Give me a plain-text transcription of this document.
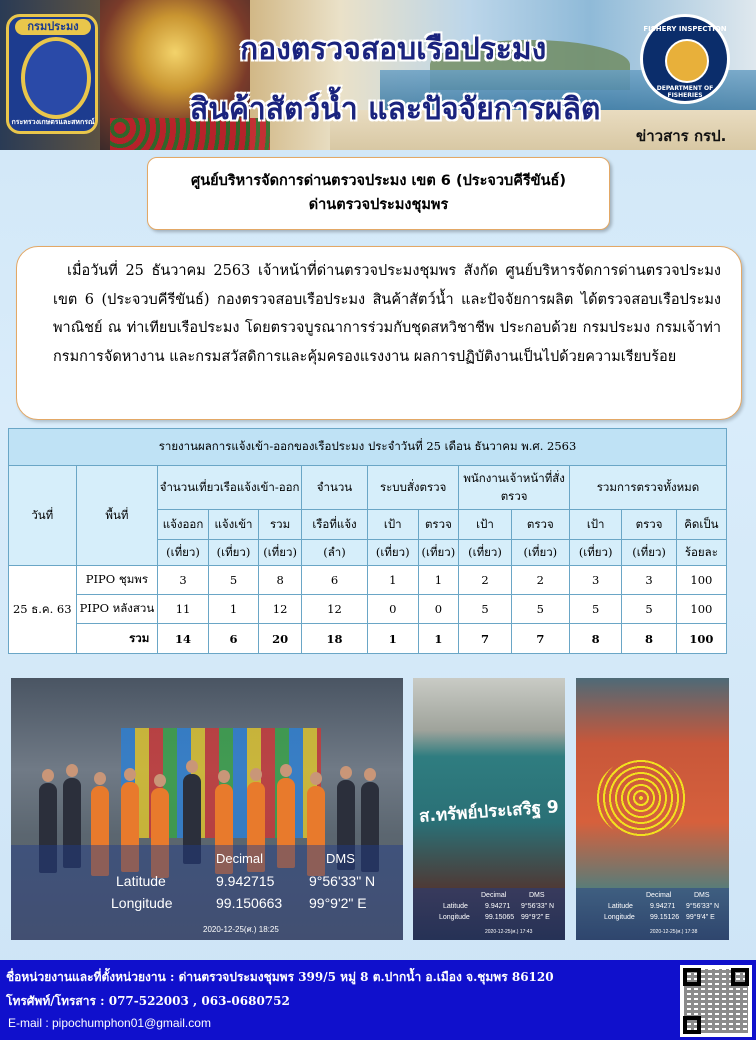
กรมประมง
กระทรวงเกษตรและสหกรณ์
กองตรวจสอบเรือประมง
สินค้าสัตว์น้ำ และปัจจัยการผลิต
FISHERY INSPECTION
DEPARTMENT OF FISHERIES
ข่าวสาร กรป.
ศูนย์บริหารจัดการด่านตรวจประมง เขต 6 (ประจวบคีรีขันธ์)
ด่านตรวจประมงชุมพร

เมื่อวันที่ 25 ธันวาคม 2563 เจ้าหน้าที่ด่านตรวจประมงชุมพร สังกัด ศูนย์บริหารจัดการด่านตรวจประมง เขต 6 (ประจวบคีรีขันธ์) กองตรวจสอบเรือประมง สินค้าสัตว์น้ำ และปัจจัยการผลิต ได้ตรวจสอบเรือประมงพาณิชย์ ณ ท่าเทียบเรือประมง โดยตรวจบูรณาการร่วมกับชุดสหวิชาชีพ ประกอบด้วย กรมประมง กรมเจ้าท่า กรมการจัดหางาน และกรมสวัสดิการและคุ้มครองแรงงาน ผลการปฏิบัติงานเป็นไปด้วยความเรียบร้อย

รายงานผลการแจ้งเข้า-ออกของเรือประมง ประจำวันที่ 25 เดือน ธันวาคม พ.ศ. 2563												
วันที่	พื้นที่	จำนวนเที่ยวเรือแจ้งเข้า-ออก			จำนวน	ระบบสั่งตรวจ		พนักงานเจ้าหน้าที่สั่งตรวจ		รวมการตรวจทั้งหมด		
		แจ้งออก	แจ้งเข้า	รวม	เรือที่แจ้ง	เป้า	ตรวจ	เป้า	ตรวจ	เป้า	ตรวจ	คิดเป็น
		(เที่ยว)	(เที่ยว)	(เที่ยว)	(ลำ)	(เที่ยว)	(เที่ยว)	(เที่ยว)	(เที่ยว)	(เที่ยว)	(เที่ยว)	ร้อยละ
25 ธ.ค. 63	PIPO ชุมพร	3	5	8	6	1	1	2	2	3	3	100
	PIPO หลังสวน	11	1	12	12	0	0	5	5	5	5	100
	รวม	14	6	20	18	1	1	7	7	8	8	100
Decimal	DMS
Latitude	9.942715 9°56'33" N
Longitude	99.150663 99°9'2" E
2020-12-25(ศ.) 18:25
ส.ทรัพย์ประเสริฐ 9
Decimal	DMS
Latitude 9.94271 9°56'33" N
Longitude 99.15065 99°9'2" E
2020-12-25(ศ.) 17:43
Decimal	DMS
Latitude 9.94271 9°56'33" N
Longitude 99.15126 99°9'4" E
2020-12-25(ศ.) 17:38
ชื่อหน่วยงานและที่ตั้งหน่วยงาน : ด่านตรวจประมงชุมพร 399/5 หมู่ 8 ต.ปากน้ำ อ.เมือง จ.ชุมพร 86120
โทรศัพท์/โทรสาร : 077-522003 , 063-0680752
E-mail : pipochumphon01@gmail.com
